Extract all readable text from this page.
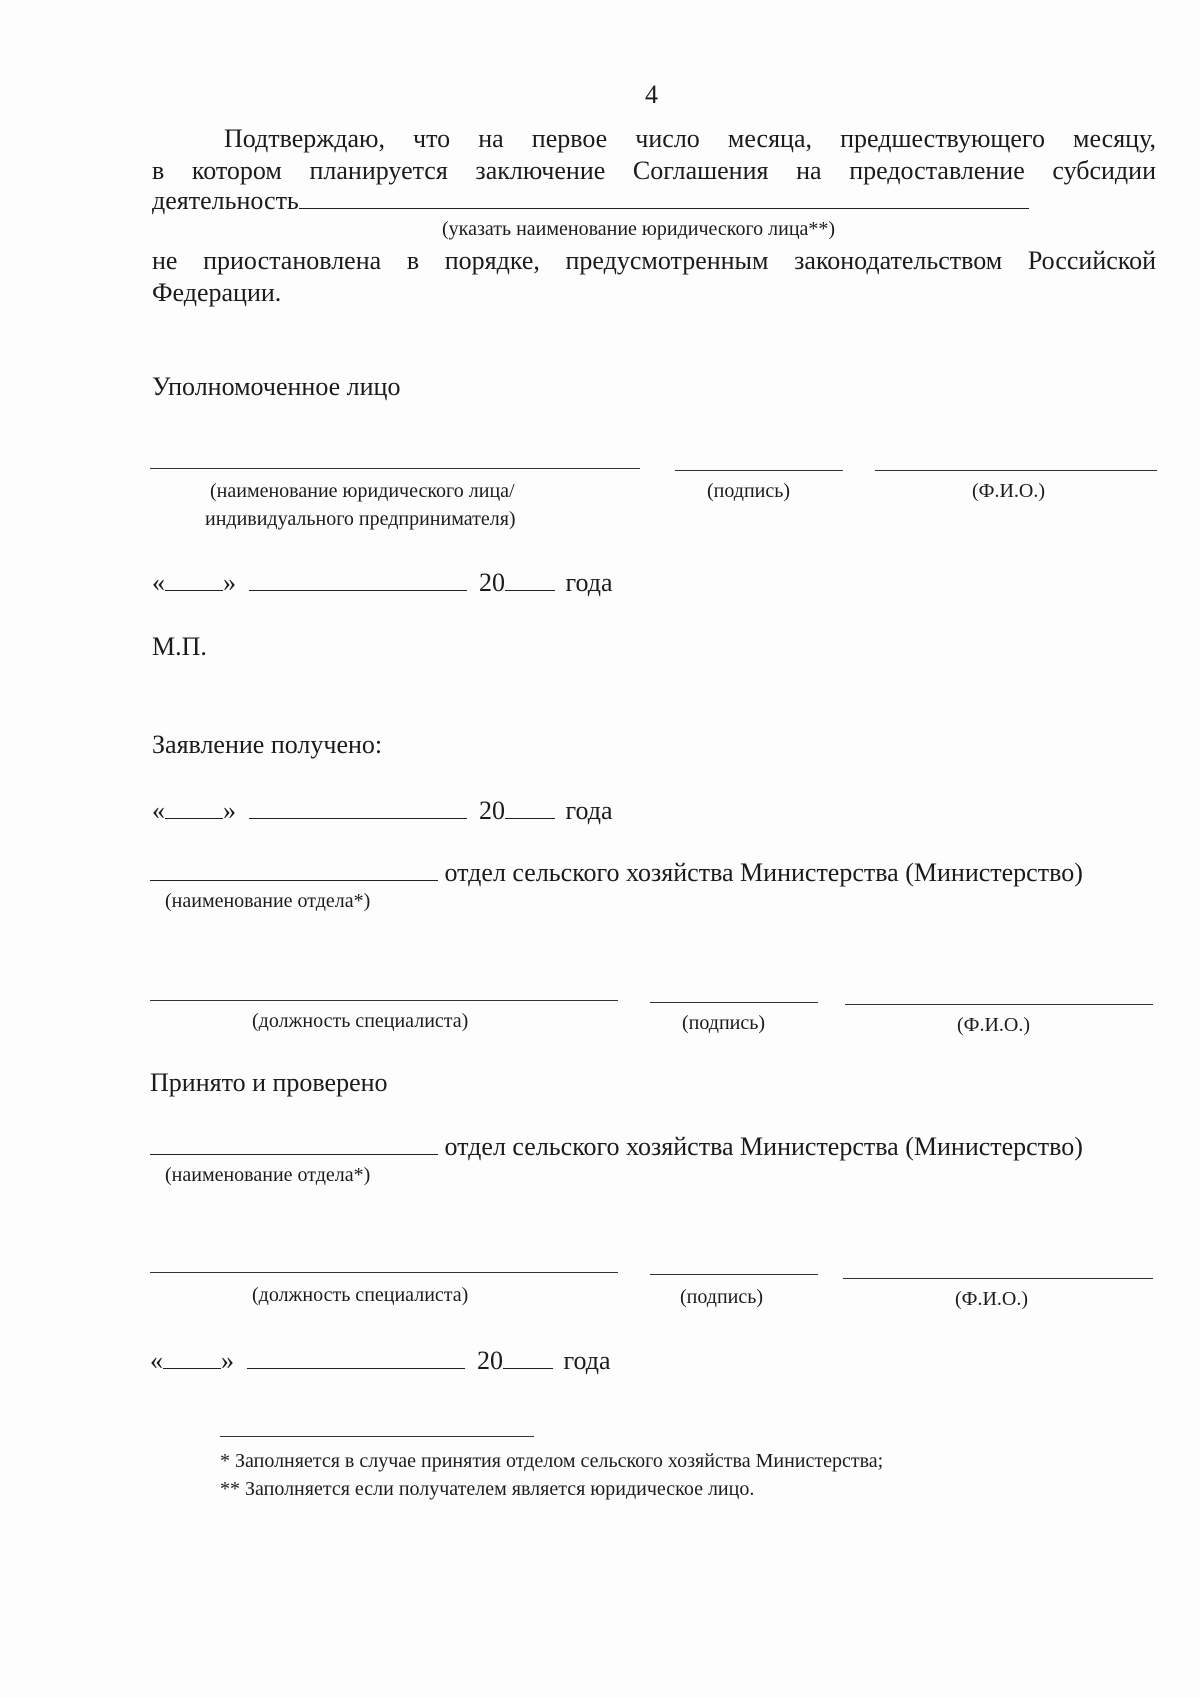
4
Подтверждаю, что на первое число месяца, предшествующего месяцу,
в котором планируется заключение Соглашения на предоставление субсидии
деятельность
(указать наименование юридического лица**)
не приостановлена в порядке, предусмотренным законодательством Российской
Федерации.
Уполномоченное лицо
(наименование юридического лица/
индивидуального предпринимателя)
(подпись)	(Ф.И.О.)
« »	20 года
М.П.
Заявление получено:
« »	20 года
отдел сельского хозяйства Министерства (Министерство)
(наименование отдела*)
(должность специалиста)	(подпись)	(Ф.И.О.)
Принято и проверено
отдел сельского хозяйства Министерства (Министерство)
(наименование отдела*)
(должность специалиста)	(подпись)	(Ф.И.О.)
« »	20 года
* Заполняется в случае принятия отделом сельского хозяйства Министерства;
** Заполняется если получателем является юридическое лицо.
